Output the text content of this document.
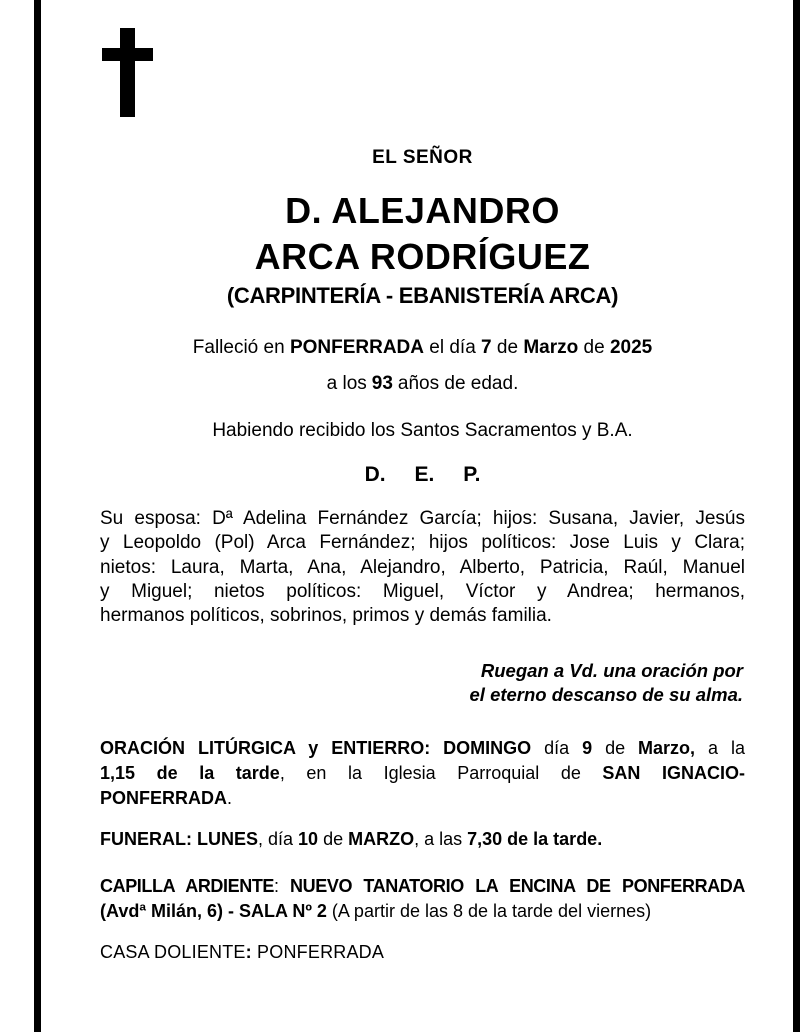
EL SEÑOR
D. ALEJANDRO
ARCA RODRÍGUEZ
(CARPINTERÍA - EBANISTERÍA ARCA)
Falleció en PONFERRADA el día 7 de Marzo de 2025
a los 93 años de edad.
Habiendo recibido los Santos Sacramentos y B.A.
D. E. P.
Su esposa: Dª Adelina Fernández García; hijos: Susana, Javier, Jesús
y Leopoldo (Pol) Arca Fernández; hijos políticos: Jose Luis y Clara;
nietos: Laura, Marta, Ana, Alejandro, Alberto, Patricia, Raúl, Manuel
y Miguel; nietos políticos: Miguel, Víctor y Andrea; hermanos,
hermanos políticos, sobrinos, primos y demás familia.
Ruegan a Vd. una oración por
el eterno descanso de su alma.
ORACIÓN LITÚRGICA y ENTIERRO: DOMINGO día 9 de Marzo, a la
1,15 de la tarde, en la Iglesia Parroquial de SAN IGNACIO-
PONFERRADA.
FUNERAL: LUNES, día 10 de MARZO, a las 7,30 de la tarde.
CAPILLA ARDIENTE: NUEVO TANATORIO LA ENCINA DE PONFERRADA
(Avdª Milán, 6) - SALA Nº 2 (A partir de las 8 de la tarde del viernes)
CASA DOLIENTE: PONFERRADA
